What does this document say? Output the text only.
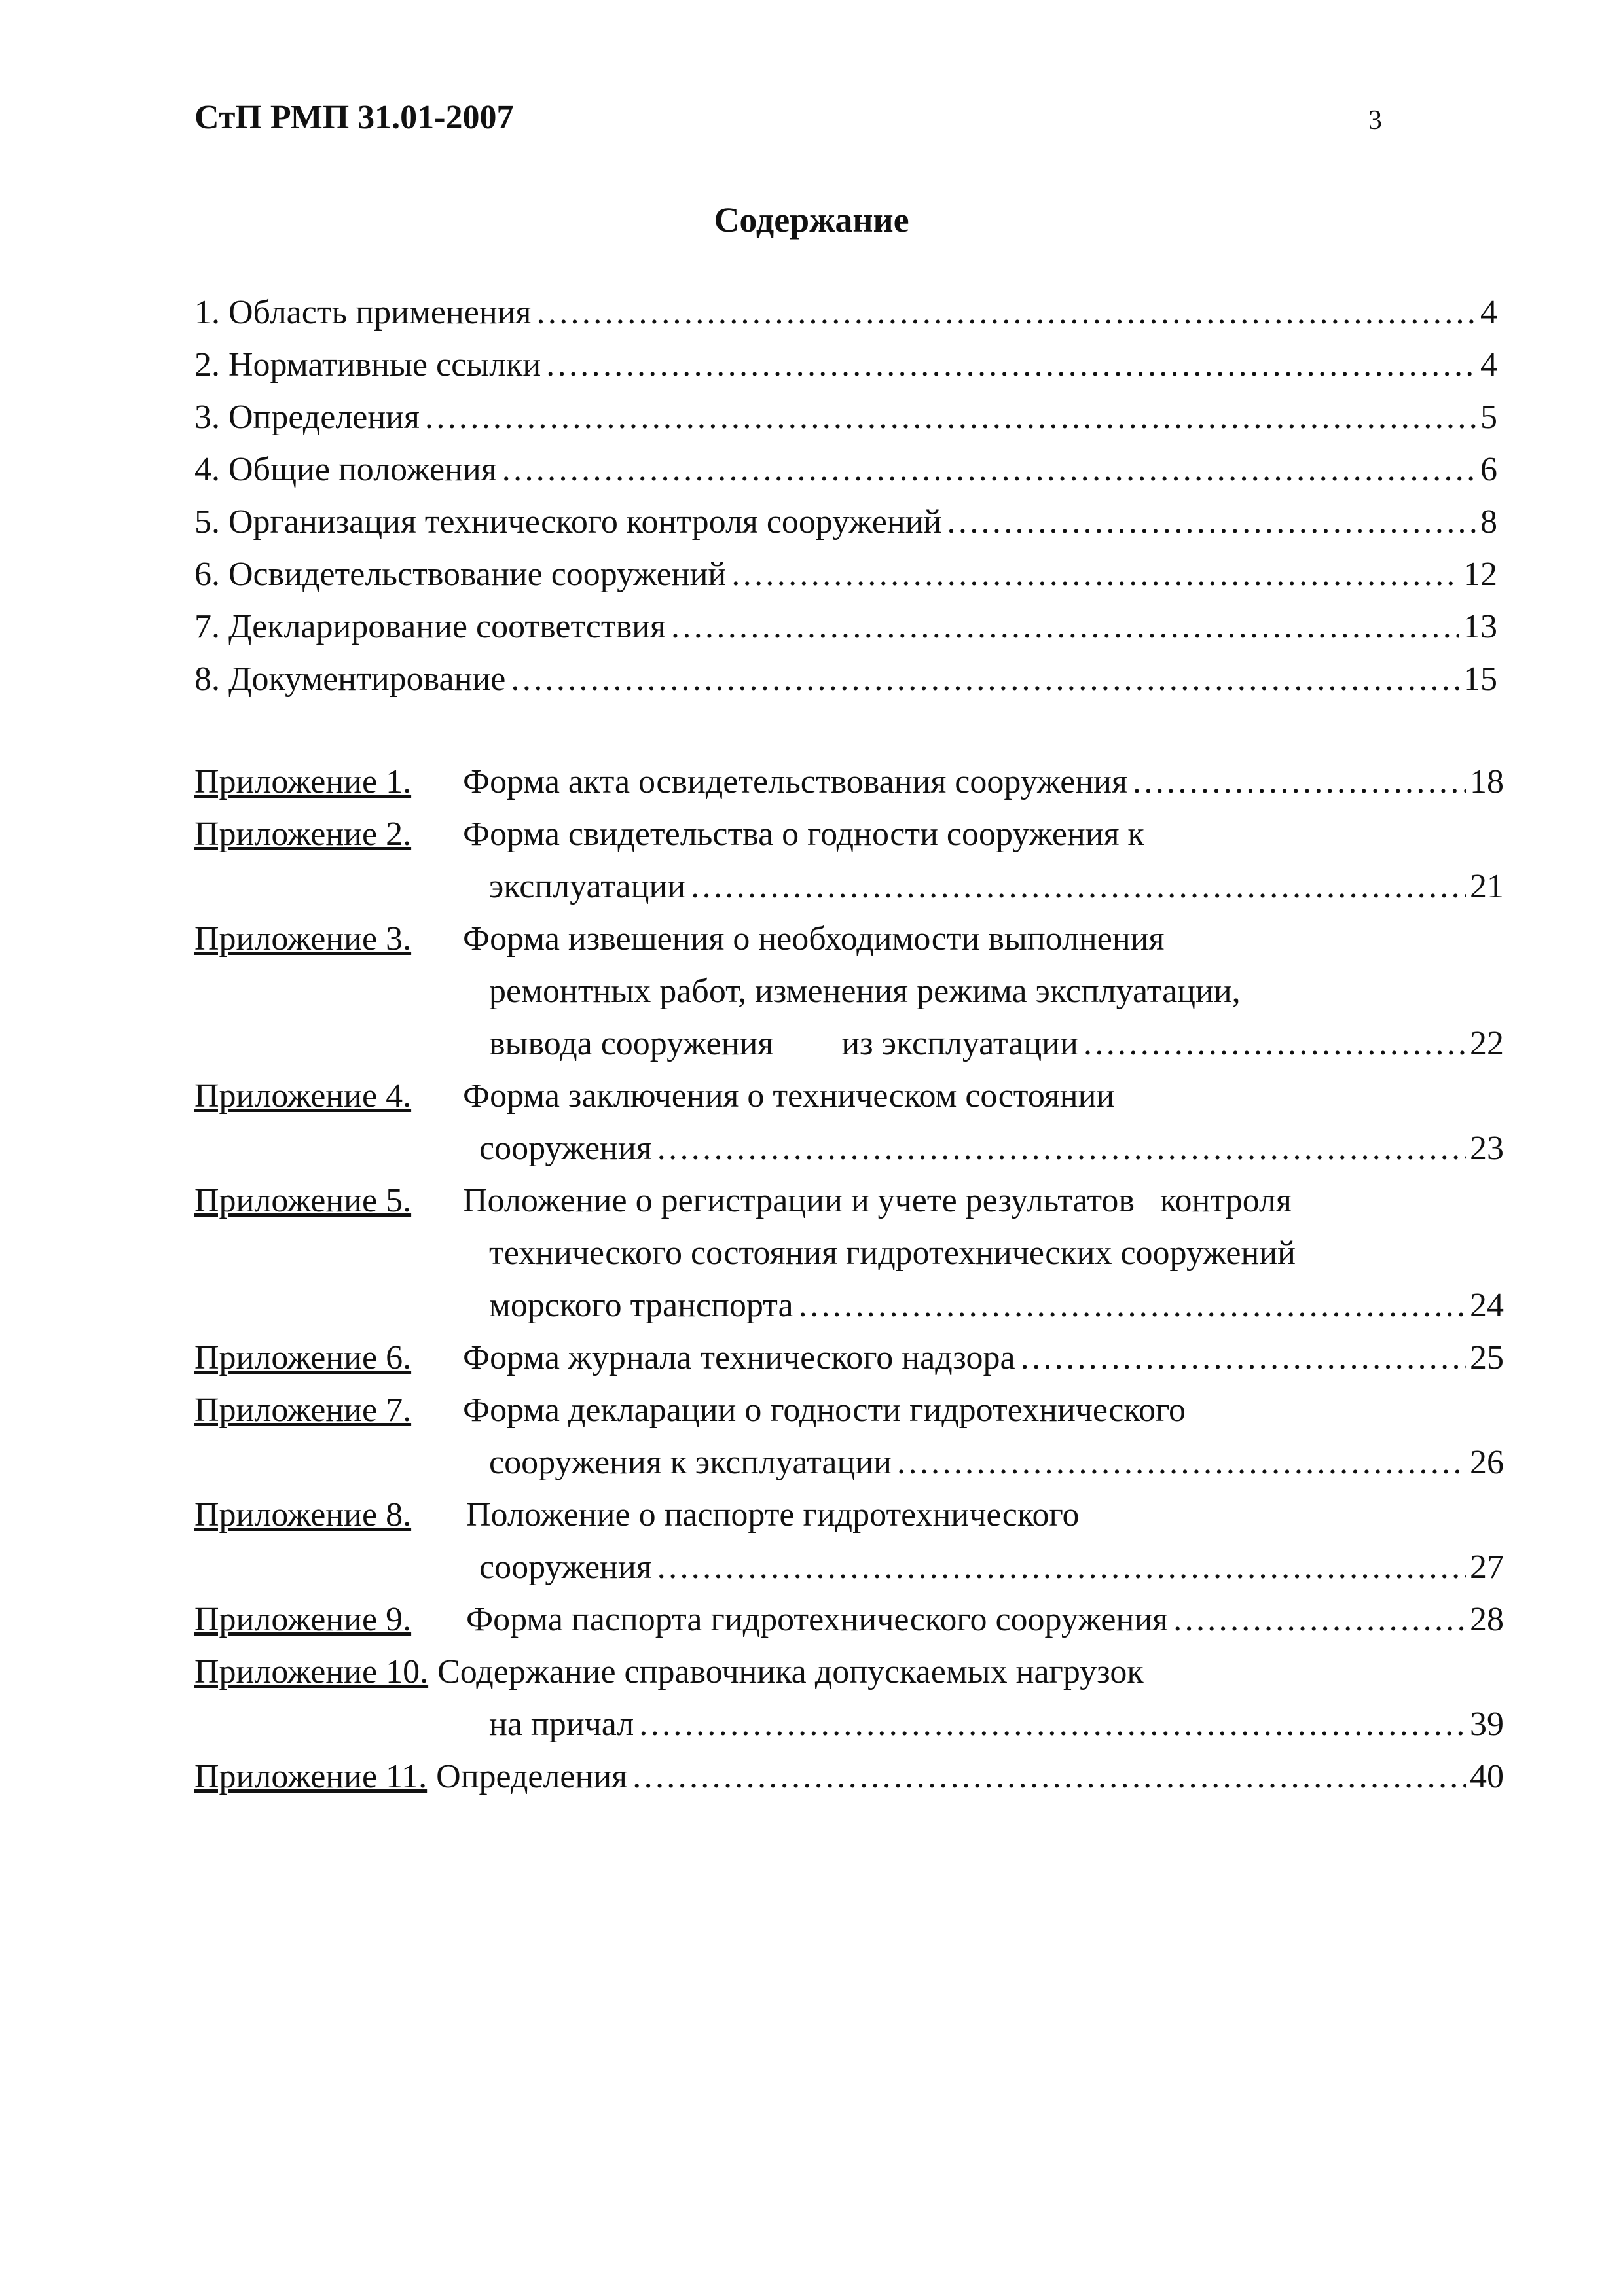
СтП РМП 31.01-2007	3
Содержание
1. Область применения ……………………………………………………………………………………………………………………………………………………………………	4
2. Нормативные ссылки ……………………………………………………………………………………………………………………………………………………………………	4
3. Определения ……………………………………………………………………………………………………………………………………………………………………	5
4. Общие положения ……………………………………………………………………………………………………………………………………………………………………	6
5. Организация технического контроля сооружений ……………………………………………………………………………………………………………………………………………………………………	8
6. Освидетельствование сооружений ……………………………………………………………………………………………………………………………………………………………………	12
7. Декларирование соответствия ……………………………………………………………………………………………………………………………………………………………………	13
8. Документирование ……………………………………………………………………………………………………………………………………………………………………	15
Приложение 1.	Форма акта освидетельствования сооружения ……………………………………………………………………………………………………………………………………………………………………	18
Приложение 2.	Форма свидетельства о годности сооружения к
эксплуатации ……………………………………………………………………………………………………………………………………………………………………	21
Приложение 3.	Форма извешения о необходимости выполнения
ремонтных работ, изменения режима эксплуатации,
вывода сооружения        из эксплуатации ……………………………………………………………………………………………………………………………………………………………………	22
Приложение 4.	Форма заключения о техническом состоянии
сооружения ……………………………………………………………………………………………………………………………………………………………………	23
Приложение 5.	Положение о регистрации и учете результатов   контроля
технического состояния гидротехнических сооружений
морского транспорта ……………………………………………………………………………………………………………………………………………………………………	24
Приложение 6.	Форма журнала технического надзора ……………………………………………………………………………………………………………………………………………………………………	25
Приложение 7.	Форма декларации о годности гидротехнического
сооружения к эксплуатации ……………………………………………………………………………………………………………………………………………………………………	26
Приложение 8.	Положение о паспорте гидротехнического
сооружения ……………………………………………………………………………………………………………………………………………………………………	27
Приложение 9.	Форма паспорта гидротехнического сооружения ……………………………………………………………………………………………………………………………………………………………………	28
Приложение 10. Содержание справочника допускаемых нагрузок
на причал ……………………………………………………………………………………………………………………………………………………………………	39
Приложение 11. Определения ……………………………………………………………………………………………………………………………………………………………………	40
